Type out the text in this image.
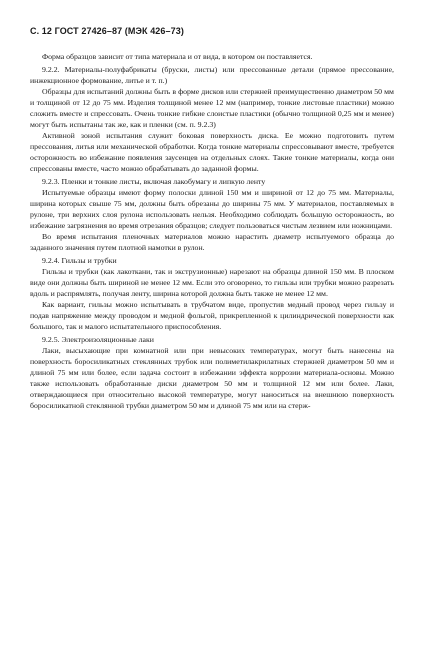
С. 12 ГОСТ 27426–87 (МЭК 426–73)

Форма образцов зависит от типа материала и от вида, в котором он поставляется.

9.2.2. Материалы-полуфабрикаты (бруски, листы) или прессованные детали (прямое прессование, инжекционное формование, литье и т. п.)

Образцы для испытаний должны быть в форме дисков или стержней преимущественно диаметром 50 мм и толщиной от 12 до 75 мм. Изделия толщиной менее 12 мм (например, тонкие листовые пластики) можно сложить вместе и спрессовать. Очень тонкие гибкие слоистые пластики (обычно толщиной 0,25 мм и менее) могут быть испытаны так же, как и пленки (см. п. 9.2.3)

Активной зоной испытания служит боковая поверхность диска. Ее можно подготовить путем прессования, литья или механической обработки. Когда тонкие материалы спрессовывают вместе, требуется осторожность во избежание появления заусенцев на отдельных слоях. Такие тонкие материалы, когда они спрессованы вместе, часто можно обрабатывать до заданной формы.

9.2.3. Пленки и тонкие листы, включая лакобумагу и липкую ленту

Испытуемые образцы имеют форму полоски длиной 150 мм и шириной от 12 до 75 мм. Материалы, ширина которых свыше 75 мм, должны быть обрезаны до ширины 75 мм. У материалов, поставляемых в рулоне, три верхних слоя рулона использовать нельзя. Необходимо соблюдать большую осторожность, во избежание загрязнения во время отрезания образцов; следует пользоваться чистым лезвием или ножницами.

Во время испытания пленочных материалов можно нарастить диаметр испытуемого образца до заданного значения путем плотной намотки в рулон.

9.2.4. Гильзы и трубки

Гильзы и трубки (как лакоткани, так и экструзионные) нарезают на образцы длиной 150 мм. В плоском виде они должны быть шириной не менее 12 мм. Если это оговорено, то гильзы или трубки можно разрезать вдоль и распрямлять, получая ленту, ширина которой должна быть также не менее 12 мм.

Как вариант, гильзы можно испытывать в трубчатом виде, пропустив медный провод через гильзу и подав напряжение между проводом и медной фольгой, прикрепленной к цилиндрической поверхности как большого, так и малого испытательного приспособления.

9.2.5. Электроизоляционные лаки

Лаки, высыхающие при комнатной или при невысоких температурах, могут быть нанесены на поверхность боросиликатных стеклянных трубок или полиметилакрилатных стержней диаметром 50 мм и длиной 75 мм или более, если задача состоит в избежании эффекта коррозии материала-основы. Можно также использовать обработанные диски диаметром 50 мм и толщиной 12 мм или более. Лаки, отверждающиеся при относительно высокой температуре, могут наноситься на внешнюю поверхность боросиликатной стеклянной трубки диаметром 50 мм и длиной 75 мм или на стерж-
